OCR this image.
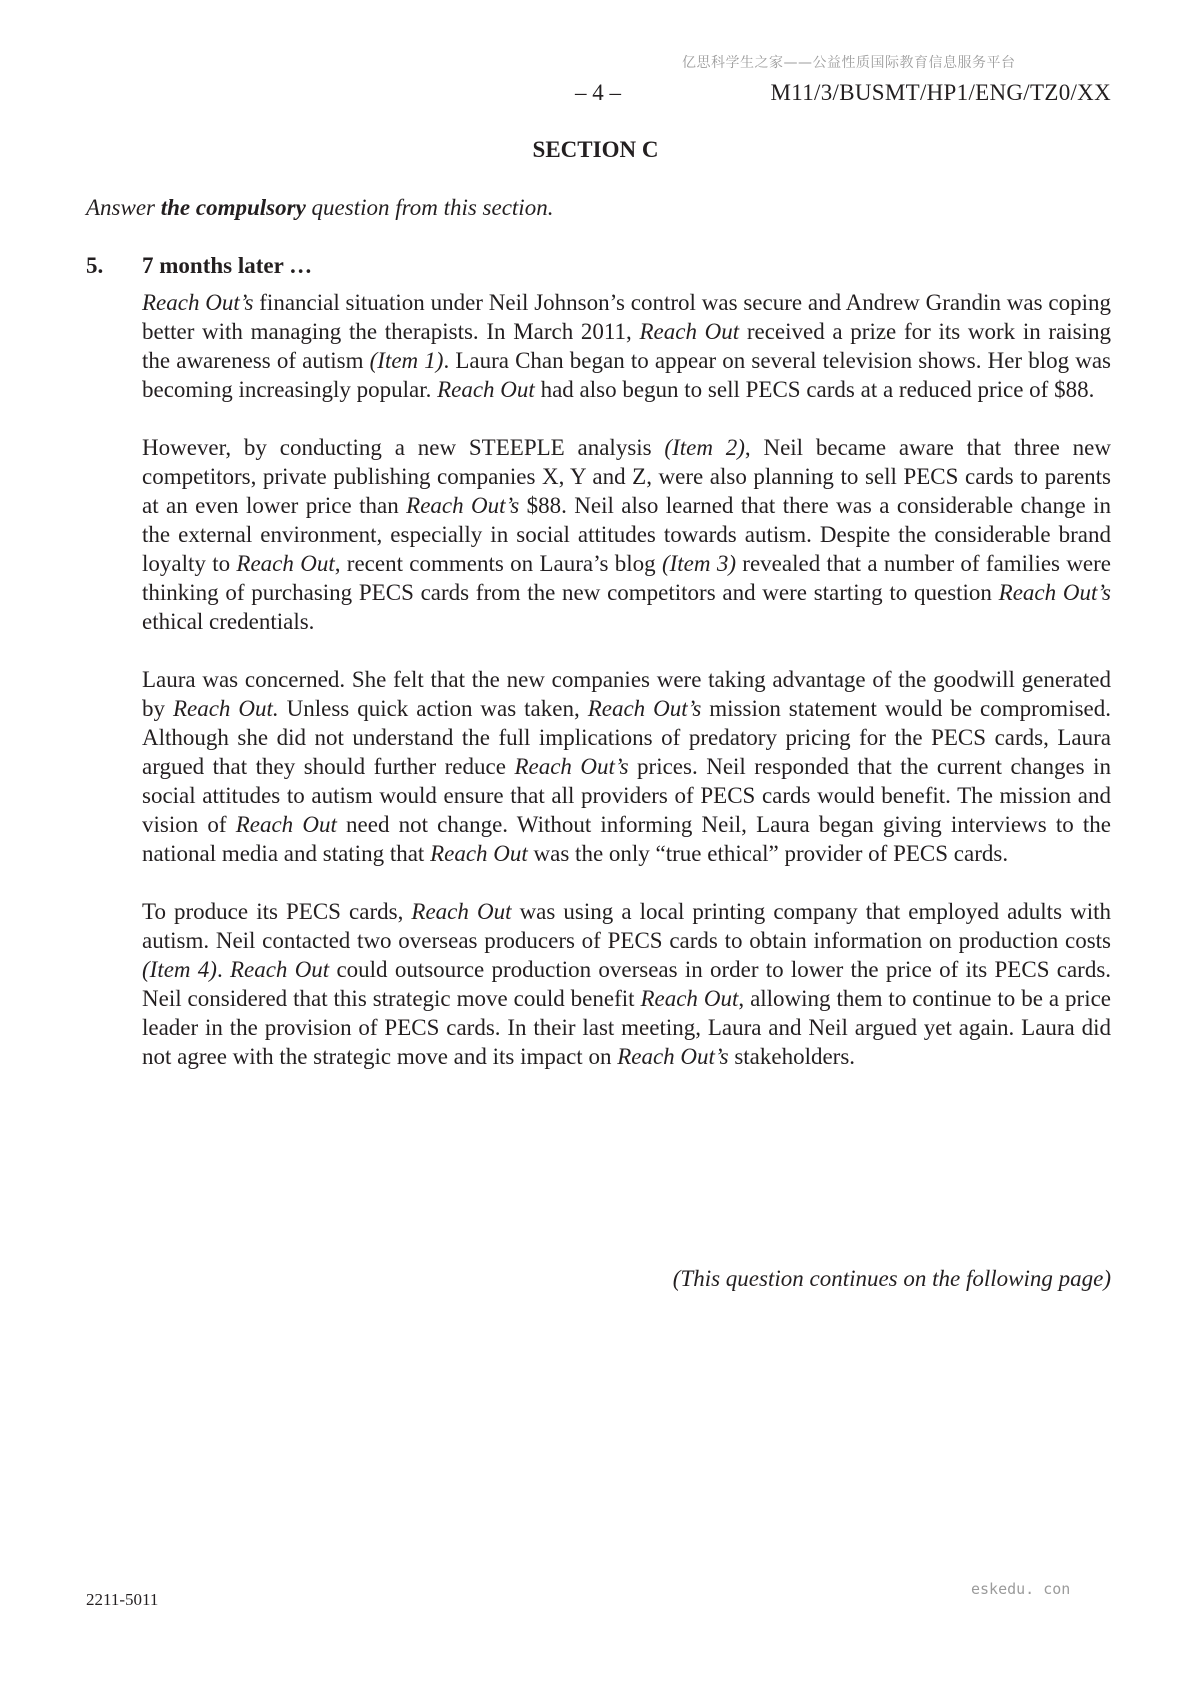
亿思科学生之家——公益性质国际教育信息服务平台
– 4 –	M11/3/BUSMT/HP1/ENG/TZ0/XX
SECTION C
Answer the compulsory question from this section.
5. 7 months later …

Reach Out’s financial situation under Neil Johnson’s control was secure and Andrew Grandin was coping better with managing the therapists. In March 2011, Reach Out received a prize for its work in raising the awareness of autism (Item 1). Laura Chan began to appear on several television shows. Her blog was becoming increasingly popular. Reach Out had also begun to sell PECS cards at a reduced price of $88.

However, by conducting a new STEEPLE analysis (Item 2), Neil became aware that three new competitors, private publishing companies X, Y and Z, were also planning to sell PECS cards to parents at an even lower price than Reach Out’s $88. Neil also learned that there was a considerable change in the external environment, especially in social attitudes towards autism. Despite the considerable brand loyalty to Reach Out, recent comments on Laura’s blog (Item 3) revealed that a number of families were thinking of purchasing PECS cards from the new competitors and were starting to question Reach Out’s ethical credentials.

Laura was concerned. She felt that the new companies were taking advantage of the goodwill generated by Reach Out. Unless quick action was taken, Reach Out’s mission statement would be compromised. Although she did not understand the full implications of predatory pricing for the PECS cards, Laura argued that they should further reduce Reach Out’s prices. Neil responded that the current changes in social attitudes to autism would ensure that all providers of PECS cards would benefit. The mission and vision of Reach Out need not change. Without informing Neil, Laura began giving interviews to the national media and stating that Reach Out was the only “true ethical” provider of PECS cards.

To produce its PECS cards, Reach Out was using a local printing company that employed adults with autism. Neil contacted two overseas producers of PECS cards to obtain information on production costs (Item 4). Reach Out could outsource production overseas in order to lower the price of its PECS cards. Neil considered that this strategic move could benefit Reach Out, allowing them to continue to be a price leader in the provision of PECS cards. In their last meeting, Laura and Neil argued yet again. Laura did not agree with the strategic move and its impact on Reach Out’s stakeholders.

(This question continues on the following page)
2211-5011
eskedu. con
